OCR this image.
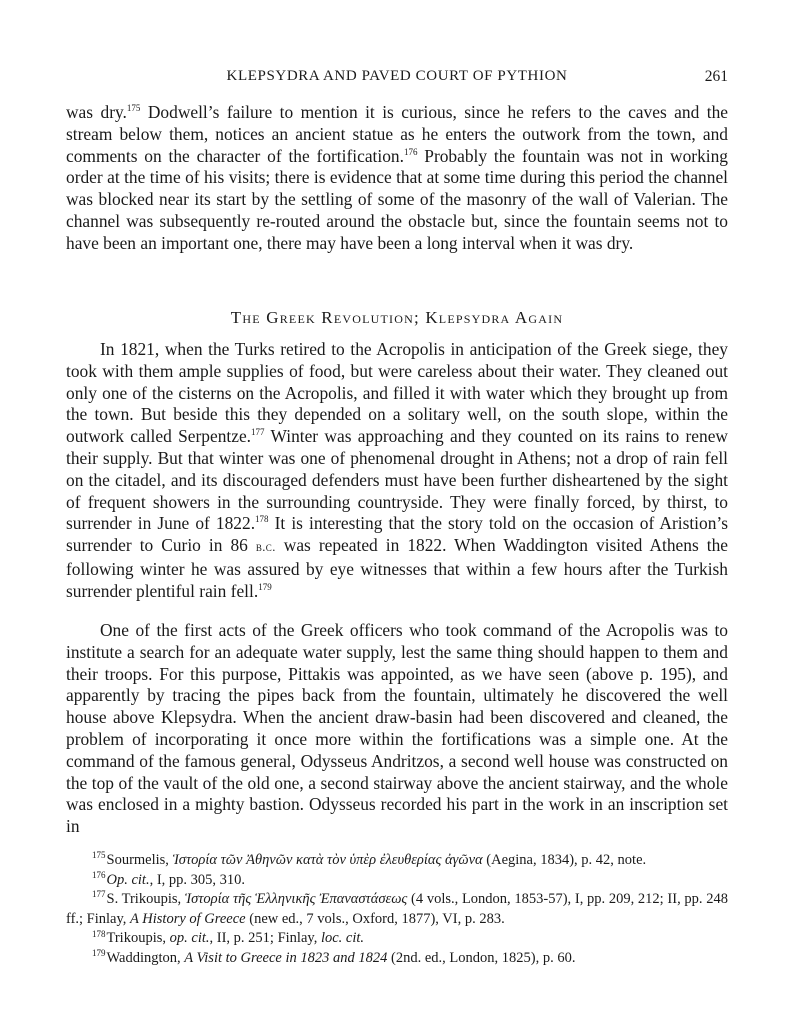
KLEPSYDRA AND PAVED COURT OF PYTHION	261

was dry.$^{175}$ Dodwell’s failure to mention it is curious, since he refers to the caves and the stream below them, notices an ancient statue as he enters the outwork from the town, and comments on the character of the fortification.$^{176}$ Probably the fountain was not in working order at the time of his visits; there is evidence that at some time during this period the channel was blocked near its start by the settling of some of the masonry of the wall of Valerian. The channel was subsequently re-routed around the obstacle but, since the fountain seems not to have been an important one, there may have been a long interval when it was dry.

The Greek Revolution; Klepsydra Again

In 1821, when the Turks retired to the Acropolis in anticipation of the Greek siege, they took with them ample supplies of food, but were careless about their water. They cleaned out only one of the cisterns on the Acropolis, and filled it with water which they brought up from the town. But beside this they depended on a solitary well, on the south slope, within the outwork called Serpentze.$^{177}$ Winter was approaching and they counted on its rains to renew their supply. But that winter was one of phenomenal drought in Athens; not a drop of rain fell on the citadel, and its discouraged defenders must have been further disheartened by the sight of frequent showers in the surrounding countryside. They were finally forced, by thirst, to surrender in June of 1822.$^{178}$ It is interesting that the story told on the occasion of Aristion’s surrender to Curio in 86 b.c. was repeated in 1822. When Waddington visited Athens the following winter he was assured by eye witnesses that within a few hours after the Turkish surrender plentiful rain fell.$^{179}$

One of the first acts of the Greek officers who took command of the Acropolis was to institute a search for an adequate water supply, lest the same thing should happen to them and their troops. For this purpose, Pittakis was appointed, as we have seen (above p. 195), and apparently by tracing the pipes back from the fountain, ultimately he discovered the well house above Klepsydra. When the ancient draw-basin had been discovered and cleaned, the problem of incorporating it once more within the fortifications was a simple one. At the command of the famous general, Odysseus Andritzos, a second well house was constructed on the top of the vault of the old one, a second stairway above the ancient stairway, and the whole was enclosed in a mighty bastion. Odysseus recorded his part in the work in an inscription set in

$^{175}$Sourmelis, Ἱστορία τῶν Ἀθηνῶν κατὰ τὸν ὑπὲρ ἐλευθερίας ἀγῶνα (Aegina, 1834), p. 42, note.

$^{176}$Op. cit., I, pp. 305, 310.

$^{177}$S. Trikoupis, Ἱστορία τῆς Ἑλληνικῆς Ἐπαναστάσεως (4 vols., London, 1853-57), I, pp. 209, 212; II, pp. 248 ff.; Finlay, A History of Greece (new ed., 7 vols., Oxford, 1877), VI, p. 283.

$^{178}$Trikoupis, op. cit., II, p. 251; Finlay, loc. cit.

$^{179}$Waddington, A Visit to Greece in 1823 and 1824 (2nd. ed., London, 1825), p. 60.
